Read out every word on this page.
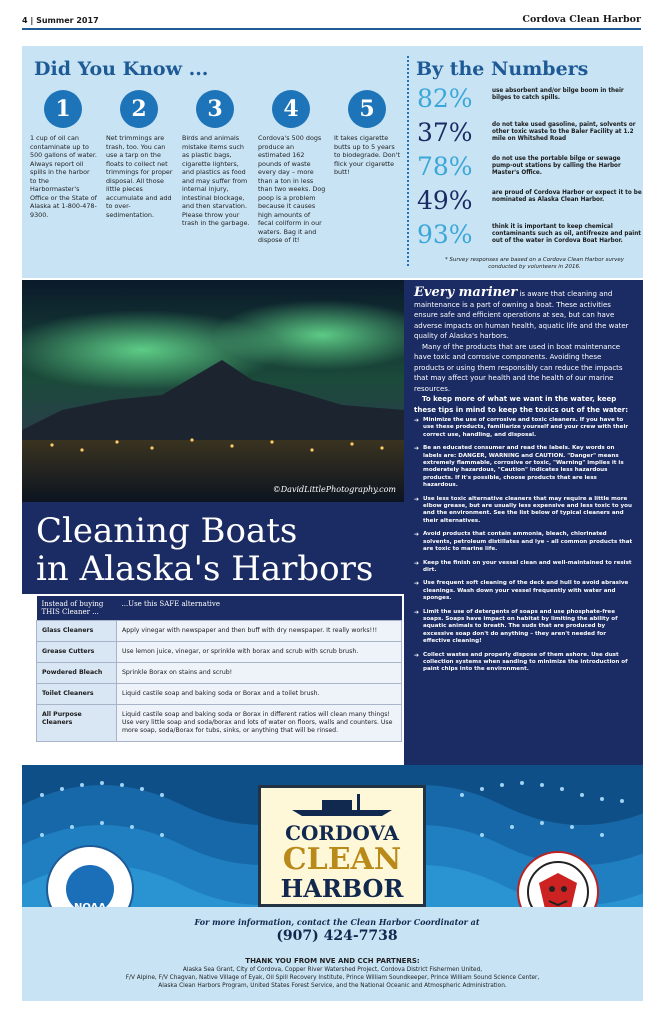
4 | Summer 2017	Cordova Clean Harbor
Did You Know ...
1
1 cup of oil can contaminate up to 500 gallons of water. Always report oil spills in the harbor to the Harbormaster's Office or the State of Alaska at 1-800-478-9300.
2
Net trimmings are trash, too. You can use a tarp on the floats to collect net trimmings for proper disposal. All those little pieces accumulate and add to over-sedimentation.
3
Birds and animals mistake items such as plastic bags, cigarette lighters, and plastics as food and may suffer from internal injury, intestinal blockage, and then starvation. Please throw your trash in the garbage.
4
Cordova's 500 dogs produce an estimated 162 pounds of waste every day – more than a ton in less than two weeks. Dog poop is a problem because it causes high amounts of fecal coliform in our waters. Bag it and dispose of it!
5
It takes cigarette butts up to 5 years to biodegrade. Don't flick your cigarette butt!
By the Numbers
82%	use absorbent and/or bilge boom in their bilges to catch spills.
37%	do not take used gasoline, paint, solvents or other toxic waste to the Baler Facility at 1.2 mile on Whitshed Road
78%	do not use the portable bilge or sewage pump-out stations by calling the Harbor Master's Office.
49%	are proud of Cordova Harbor or expect it to be nominated as Alaska Clean Harbor.
93%	think it is important to keep chemical contaminants such as oil, antifreeze and paint out of the water in Cordova Boat Harbor.
* Survey responses are based on a Cordova Clean Harbor survey conducted by volunteers in 2016.
©DavidLittlePhotography.com
Cleaning Boats
in Alaska's Harbors
Instead of buying THIS Cleaner ...	...Use this SAFE alternative
Glass Cleaners	Apply vinegar with newspaper and then buff with dry newspaper. It really works!!!
Grease Cutters	Use lemon juice, vinegar, or sprinkle with borax and scrub with scrub brush.
Powdered Bleach	Sprinkle Borax on stains and scrub!
Toilet Cleaners	Liquid castile soap and baking soda or Borax and a toilet brush.
All Purpose Cleaners	Liquid castile soap and baking soda or Borax in different ratios will clean many things! Use very little soap and soda/borax and lots of water on floors, walls and counters. Use more soap, soda/Borax for tubs, sinks, or anything that will be rinsed.

Every mariner is aware that cleaning and maintenance is a part of owning a boat. These activities ensure safe and efficient operations at sea, but can have adverse impacts on human health, aquatic life and the water quality of Alaska's harbors.

Many of the products that are used in boat maintenance have toxic and corrosive components. Avoiding these products or using them responsibly can reduce the impacts that may affect your health and the health of our marine resources.

To keep more of what we want in the water, keep these tips in mind to keep the toxics out of the water:

➔ Minimize the use of corrosive and toxic cleaners. If you have to use these products, familiarize yourself and your crew with their correct use, handling, and disposal.
➔ Be an educated consumer and read the labels. Key words on labels are: DANGER, WARNING and CAUTION. "Danger" means extremely flammable, corrosive or toxic, "Warning" implies it is moderately hazardous, "Caution" indicates less hazardous products. If it's possible, choose products that are less hazardous.
➔ Use less toxic alternative cleaners that may require a little more elbow grease, but are usually less expensive and less toxic to you and the environment. See the list below of typical cleaners and their alternatives.
➔ Avoid products that contain ammonia, bleach, chlorinated solvents, petroleum distillates and lye – all common products that are toxic to marine life.
➔ Keep the finish on your vessel clean and well-maintained to resist dirt.
➔ Use frequent soft cleaning of the deck and hull to avoid abrasive cleanings. Wash down your vessel frequently with water and sponges.
➔ Limit the use of detergents of soaps and use phosphate-free soaps. Soaps have impact on habitat by limiting the ability of aquatic animals to breath. The suds that are produced by excessive soap don't do anything – they aren't needed for effective cleaning!
➔ Collect wastes and properly dispose of them ashore. Use dust collection systems when sanding to minimize the introduction of paint chips into the environment.
CORDOVA
CLEAN
HARBOR
For more information, contact the Clean Harbor Coordinator at
(907) 424-7738
THANK YOU FROM NVE AND CCH PARTNERS:
Alaska Sea Grant, City of Cordova, Copper River Watershed Project, Cordova District Fishermen United,
F/V Alpine, F/V Chagvan, Native Village of Eyak, Oil Spill Recovery Institute, Prince William Soundkeeper, Prince William Sound Science Center,
Alaska Clean Harbors Program, United States Forest Service, and the National Oceanic and Atmospheric Administration.
